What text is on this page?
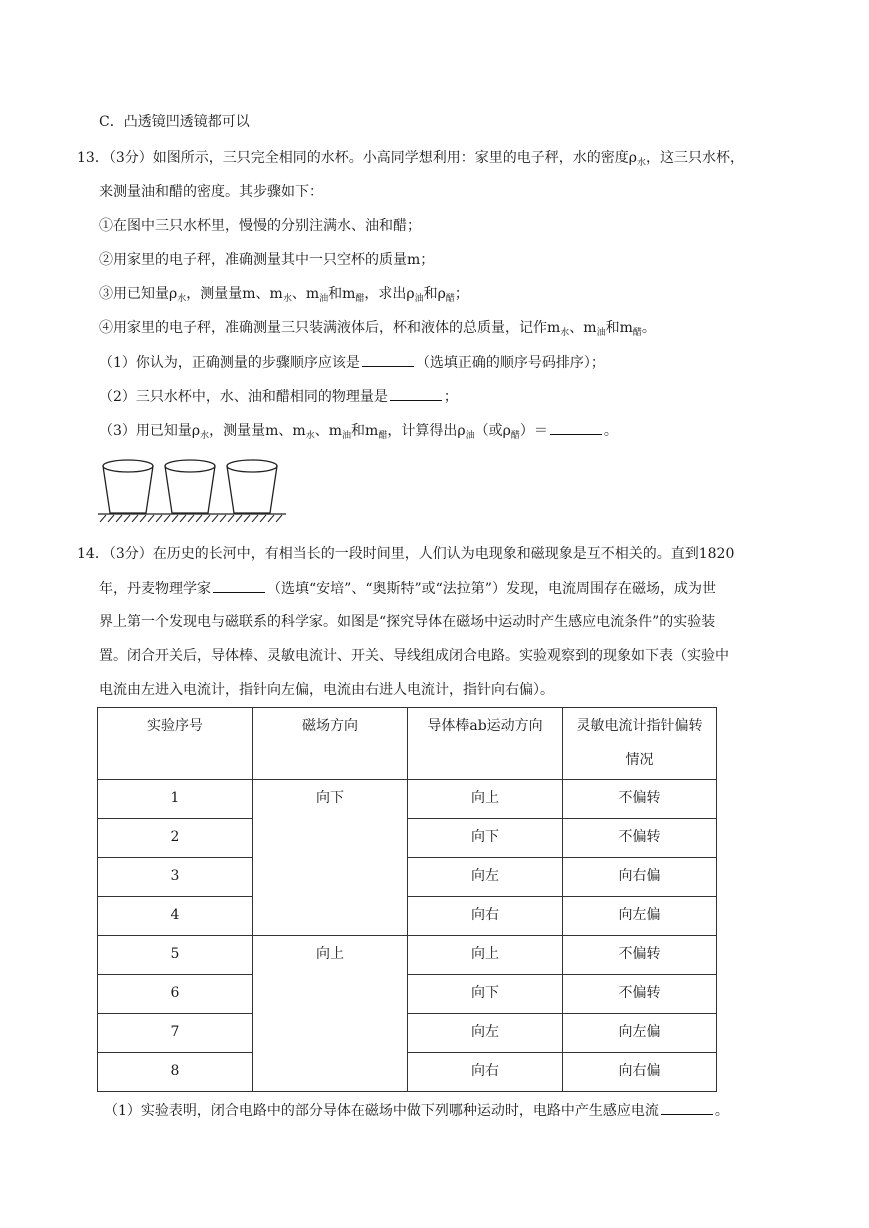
C．凸透镜凹透镜都可以
13．（3分）如图所示，三只完全相同的水杯。小高同学想利用：家里的电子秤，水的密度$\rho_水$，这三只水杯，
来测量油和醋的密度。其步骤如下：
①在图中三只水杯里，慢慢的分别注满水、油和醋；
②用家里的电子秤，准确测量其中一只空杯的质量m；
③用已知量$\rho_水$，测量量m、$m_水$、$m_油$和$m_醋$，求出$\rho_油$和$\rho_醋$；
④用家里的电子秤，准确测量三只装满液体后，杯和液体的总质量，记作$m_水$、$m_油$和$m_醋$。
（1）你认为，正确测量的步骤顺序应该是	（选填正确的顺序号码排序）；
（2）三只水杯中，水、油和醋相同的物理量是	；
（3）用已知量$\rho_水$，测量量m、$m_水$、$m_油$和$m_醋$，计算得出$\rho_油$（或$\rho_醋)=$	。
14．（3分）在历史的长河中，有相当长的一段时间里，人们认为电现象和磁现象是互不相关的。直到1820
年，丹麦物理学家	（选填“安培”、“奥斯特”或“法拉第”）发现，电流周围存在磁场，成为世
界上第一个发现电与磁联系的科学家。如图是“探究导体在磁场中运动时产生感应电流条件”的实验装
置。闭合开关后，导体棒、灵敏电流计、开关、导线组成闭合电路。实验观察到的现象如下表（实验中
电流由左进入电流计，指针向左偏，电流由右进人电流计，指针向右偏）。
实验序号	磁场方向	导体棒ab运动方向	灵敏电流计指针偏转
情况

1	向下	向上	不偏转
2		向下	不偏转
3		向左	向右偏
4		向右	向左偏
5	向上	向上	不偏转
6		向下	不偏转
7		向左	向左偏
8		向右	向右偏
（1）实验表明，闭合电路中的部分导体在磁场中做下列哪种运动时，电路中产生感应电流	。
